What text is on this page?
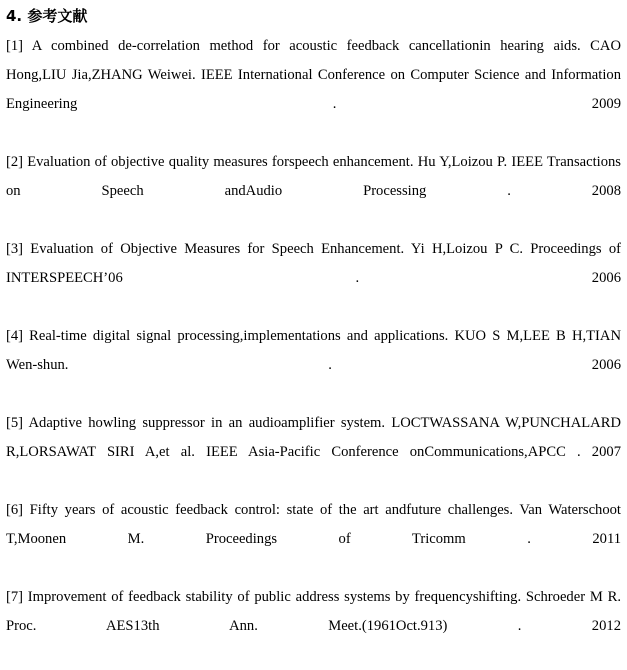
4. 参考文献

[1] A combined de-correlation method for acoustic feedback cancellationin hearing aids. CAO Hong,LIU Jia,ZHANG Weiwei. IEEE International Conference on Computer Science and Information Engineering . 2009

[2] Evaluation of objective quality measures forspeech enhancement. Hu Y,Loizou P. IEEE Transactions on Speech andAudio Processing . 2008

[3] Evaluation of Objective Measures for Speech Enhancement. Yi H,Loizou P C. Proceedings of INTERSPEECH’06 . 2006

[4] Real-time digital signal processing,implementations and applications. KUO S M,LEE B H,TIAN Wen-shun. . 2006

[5] Adaptive howling suppressor in an audioamplifier system. LOCTWASSANA W,PUNCHALARD R,LORSAWAT SIRI A,et al. IEEE Asia-Pacific Conference onCommunications,APCC . 2007

[6] Fifty years of acoustic feedback control: state of the art andfuture challenges. Van Waterschoot T,Moonen M. Proceedings of Tricomm . 2011

[7] Improvement of feedback stability of public address systems by frequencyshifting. Schroeder M R. Proc. AES13th Ann. Meet.(1961Oct.913) . 2012
